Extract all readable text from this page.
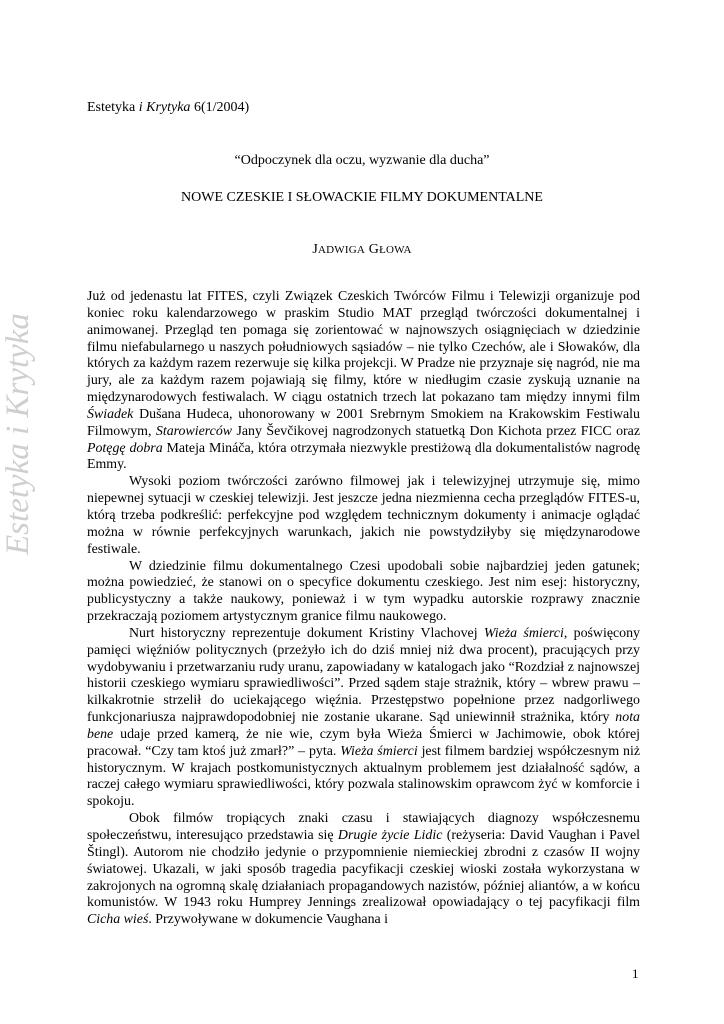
Estetyka i Krytyka
Estetyka i Krytyka 6(1/2004)
“Odpoczynek dla oczu, wyzwanie dla ducha”
NOWE CZESKIE I SŁOWACKIE FILMY DOKUMENTALNE
JADWIGA GŁOWA

Już od jedenastu lat FITES, czyli Związek Czeskich Twórców Filmu i Telewizji organizuje pod koniec roku kalendarzowego w praskim Studio MAT przegląd twórczości dokumentalnej i animowanej. Przegląd ten pomaga się zorientować w najnowszych osiągnięciach w dziedzinie filmu niefabularnego u naszych południowych sąsiadów – nie tylko Czechów, ale i Słowaków, dla których za każdym razem rezerwuje się kilka projekcji. W Pradze nie przyznaje się nagród, nie ma jury, ale za każdym razem pojawiają się filmy, które w niedługim czasie zyskują uznanie na międzynarodowych festiwalach. W ciągu ostatnich trzech lat pokazano tam między innymi film Świadek Dušana Hudeca, uhonorowany w 2001 Srebrnym Smokiem na Krakowskim Festiwalu Filmowym, Starowierców Jany Ševčikovej nagrodzonych statuetką Don Kichota przez FICC oraz Potęgę dobra Mateja Mináča, która otrzymała niezwykle prestiżową dla dokumentalistów nagrodę Emmy.

Wysoki poziom twórczości zarówno filmowej jak i telewizyjnej utrzymuje się, mimo niepewnej sytuacji w czeskiej telewizji. Jest jeszcze jedna niezmienna cecha przeglądów FITES-u, którą trzeba podkreślić: perfekcyjne pod względem technicznym dokumenty i animacje oglądać można w równie perfekcyjnych warunkach, jakich nie powstydziłyby się międzynarodowe festiwale.

W dziedzinie filmu dokumentalnego Czesi upodobali sobie najbardziej jeden gatunek; można powiedzieć, że stanowi on o specyfice dokumentu czeskiego. Jest nim esej: historyczny, publicystyczny a także naukowy, ponieważ i w tym wypadku autorskie rozprawy znacznie przekraczają poziomem artystycznym granice filmu naukowego.

Nurt historyczny reprezentuje dokument Kristiny Vlachovej Wieża śmierci, poświęcony pamięci więźniów politycznych (przeżyło ich do dziś mniej niż dwa procent), pracujących przy wydobywaniu i przetwarzaniu rudy uranu, zapowiadany w katalogach jako “Rozdział z najnowszej historii czeskiego wymiaru sprawiedliwości”. Przed sądem staje strażnik, który – wbrew prawu – kilkakrotnie strzelił do uciekającego więźnia. Przestępstwo popełnione przez nadgorliwego funkcjonariusza najprawdopodobniej nie zostanie ukarane. Sąd uniewinnił strażnika, który nota bene udaje przed kamerą, że nie wie, czym była Wieża Śmierci w Jachimowie, obok której pracował. “Czy tam ktoś już zmarł?” – pyta. Wieża śmierci jest filmem bardziej współczesnym niż historycznym. W krajach postkomunistycznych aktualnym problemem jest działalność sądów, a raczej całego wymiaru sprawiedliwości, który pozwala stalinowskim oprawcom żyć w komforcie i spokoju.

Obok filmów tropiących znaki czasu i stawiających diagnozy współczesnemu społeczeństwu, interesująco przedstawia się Drugie życie Lidic (reżyseria: David Vaughan i Pavel Štingl). Autorom nie chodziło jedynie o przypomnienie niemieckiej zbrodni z czasów II wojny światowej. Ukazali, w jaki sposób tragedia pacyfikacji czeskiej wioski została wykorzystana w zakrojonych na ogromną skalę działaniach propagandowych nazistów, później aliantów, a w końcu komunistów. W 1943 roku Humprey Jennings zrealizował opowiadający o tej pacyfikacji film Cicha wieś. Przywoływane w dokumencie Vaughana i

1
